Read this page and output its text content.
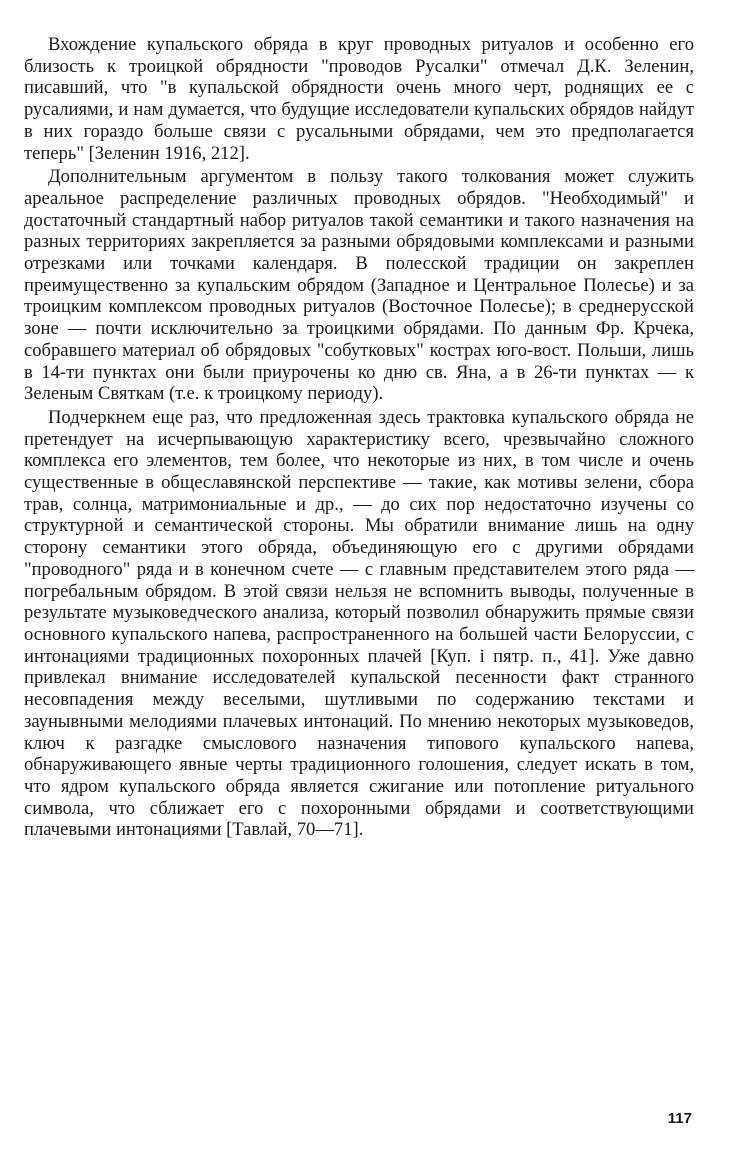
Вхождение купальского обряда в круг проводных ритуалов и особенно его близость к троицкой обрядности "проводов Русалки" отмечал Д.К. Зеленин, писавший, что "в купальской обрядности очень много черт, роднящих ее с русалиями, и нам думается, что будущие исследователи купальских обрядов найдут в них гораздо больше связи с русальными обрядами, чем это предполагается теперь" [Зеленин 1916, 212].

Дополнительным аргументом в пользу такого толкования может служить ареальное распределение различных проводных обрядов. "Необходимый" и достаточный стандартный набор ритуалов такой семантики и такого назначения на разных территориях закрепляется за разными обрядовыми комплексами и разными отрезками или точками календаря. В полесской традиции он закреплен преимущественно за купальским обрядом (Западное и Центральное Полесье) и за троицким комплексом проводных ритуалов (Восточное Полесье); в среднерусской зоне — почти исключительно за троицкими обрядами. По данным Фр. Крчека, собравшего материал об обрядовых "собутковых" кострах юго-вост. Польши, лишь в 14-ти пунктах они были приурочены ко дню св. Яна, а в 26-ти пунктах — к Зеленым Святкам (т.е. к троицкому периоду).

Подчеркнем еще раз, что предложенная здесь трактовка купальского обряда не претендует на исчерпывающую характеристику всего, чрезвычайно сложного комплекса его элементов, тем более, что некоторые из них, в том числе и очень существенные в общеславянской перспективе — такие, как мотивы зелени, сбора трав, солнца, матримониальные и др., — до сих пор недостаточно изучены со структурной и семантической стороны. Мы обратили внимание лишь на одну сторону семантики этого обряда, объединяющую его с другими обрядами "проводного" ряда и в конечном счете — с главным представителем этого ряда — погребальным обрядом. В этой связи нельзя не вспомнить выводы, полученные в результате музыковедческого анализа, который позволил обнаружить прямые связи основного купальского напева, распространенного на большей части Белоруссии, с интонациями традиционных похоронных плачей [Куп. і пятр. п., 41]. Уже давно привлекал внимание исследователей купальской песенности факт странного несовпадения между веселыми, шутливыми по содержанию текстами и заунывными мелодиями плачевых интонаций. По мнению некоторых музыковедов, ключ к разгадке смыслового назначения типового купальского напева, обнаруживающего явные черты традиционного голошения, следует искать в том, что ядром купальского обряда является сжигание или потопление ритуального символа, что сближает его с похоронными обрядами и соответствующими плачевыми интонациями [Тавлай, 70—71].

117
